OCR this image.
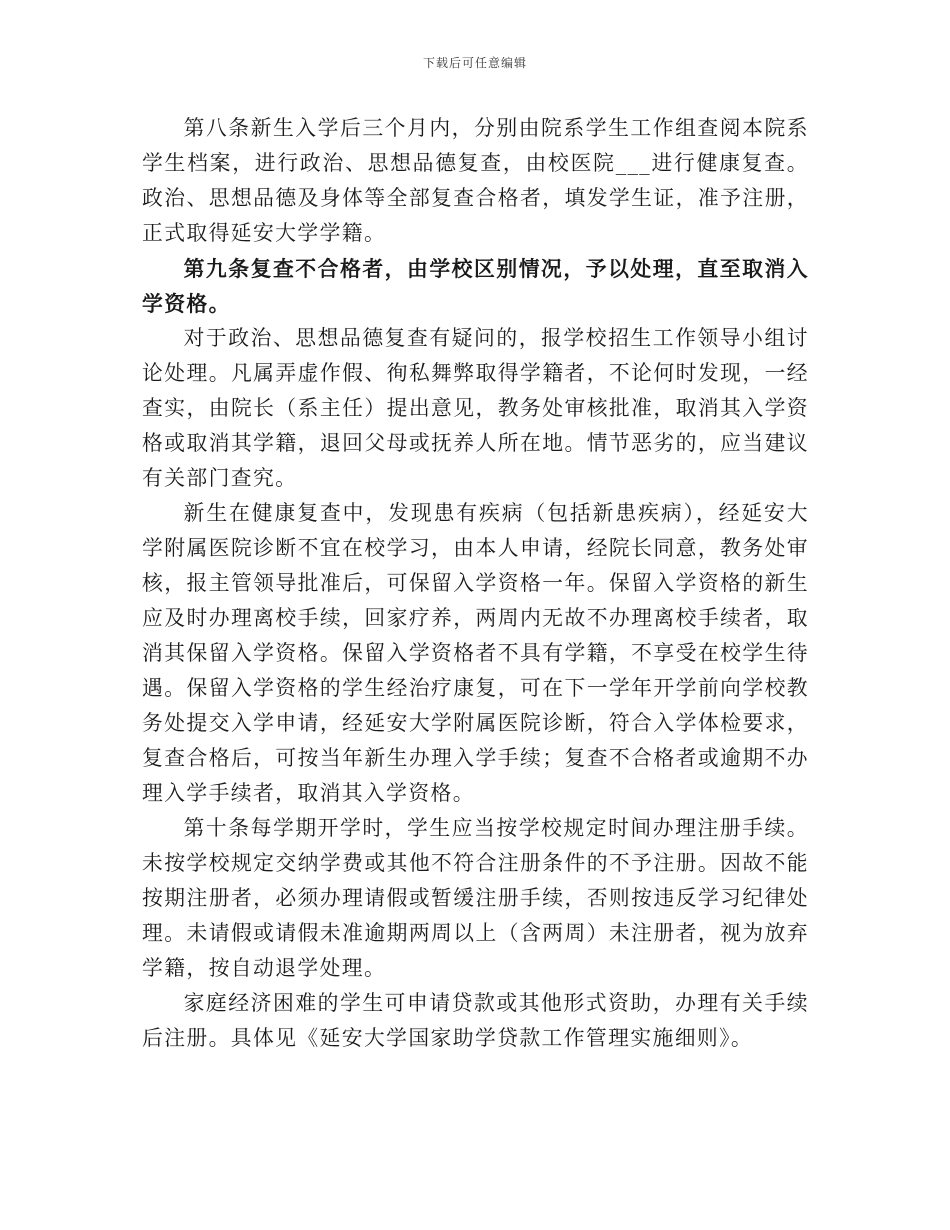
下载后可任意编辑

第八条新生入学后三个月内，分别由院系学生工作组查阅本院系学生档案，进行政治、思想品德复查，由校医院___进行健康复查。政治、思想品德及身体等全部复查合格者，填发学生证，准予注册，正式取得延安大学学籍。

第九条复查不合格者，由学校区别情况，予以处理，直至取消入学资格。

对于政治、思想品德复查有疑问的，报学校招生工作领导小组讨论处理。凡属弄虚作假、徇私舞弊取得学籍者，不论何时发现，一经查实，由院长（系主任）提出意见，教务处审核批准，取消其入学资格或取消其学籍，退回父母或抚养人所在地。情节恶劣的，应当建议有关部门查究。

新生在健康复查中，发现患有疾病（包括新患疾病），经延安大学附属医院诊断不宜在校学习，由本人申请，经院长同意，教务处审核，报主管领导批准后，可保留入学资格一年。保留入学资格的新生应及时办理离校手续，回家疗养，两周内无故不办理离校手续者，取消其保留入学资格。保留入学资格者不具有学籍，不享受在校学生待遇。保留入学资格的学生经治疗康复，可在下一学年开学前向学校教务处提交入学申请，经延安大学附属医院诊断，符合入学体检要求，复查合格后，可按当年新生办理入学手续；复查不合格者或逾期不办理入学手续者，取消其入学资格。

第十条每学期开学时，学生应当按学校规定时间办理注册手续。未按学校规定交纳学费或其他不符合注册条件的不予注册。因故不能按期注册者，必须办理请假或暂缓注册手续，否则按违反学习纪律处理。未请假或请假未准逾期两周以上（含两周）未注册者，视为放弃学籍，按自动退学处理。

家庭经济困难的学生可申请贷款或其他形式资助，办理有关手续后注册。具体见《延安大学国家助学贷款工作管理实施细则》。
